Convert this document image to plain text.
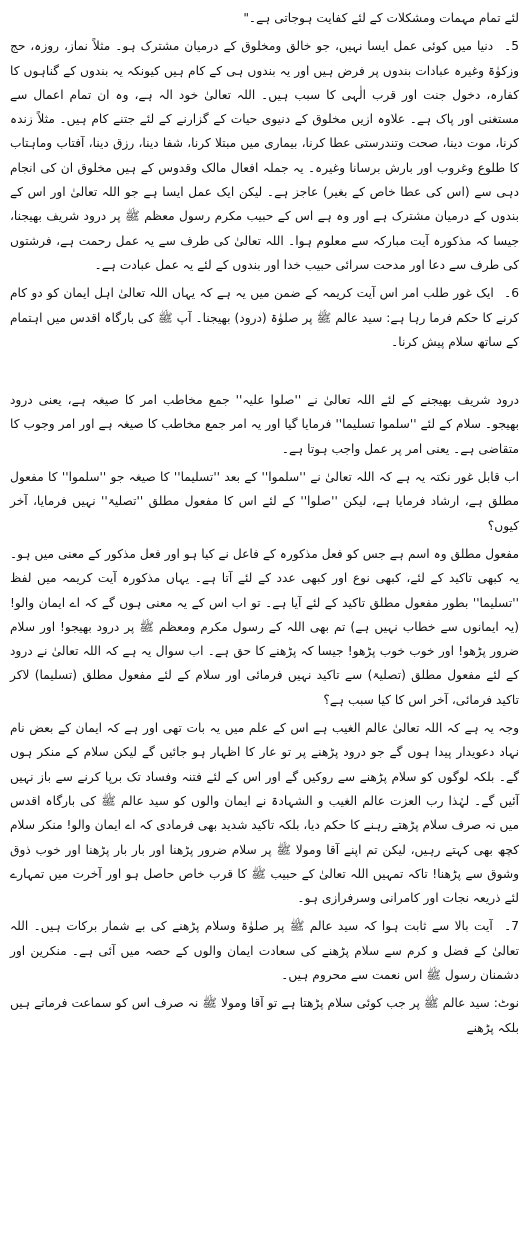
لئے تمام مہمات ومشکلات کے لئے کفایت ہوجاتی ہے۔"

5۔ دنیا میں کوئی عمل ایسا نہیں، جو خالق ومخلوق کے درمیان مشترک ہو۔ مثلاً نماز، روزہ، حج وزکوٰۃ وغیرہ عبادات بندوں پر فرض ہیں اور یہ بندوں ہی کے کام ہیں کیونکہ یہ بندوں کے گناہوں کا کفارہ، دخول جنت اور قرب الٰہی کا سبب ہیں۔ اللہ تعالیٰ خود الہ ہے، وہ ان تمام اعمال سے مستغنی اور پاک ہے۔ علاوہ ازیں مخلوق کے دنیوی حیات کے گزارنے کے لئے جتنے کام ہیں۔ مثلاً زندہ کرنا، موت دینا، صحت وتندرستی عطا کرنا، بیماری میں مبتلا کرنا، شفا دینا، رزق دینا، آفتاب وماہتاب کا طلوع وغروب اور بارش برسانا وغیرہ۔ یہ جملہ افعال مالک وقدوس کے ہیں مخلوق ان کی انجام دہی سے (اس کی عطا خاص کے بغیر) عاجز ہے۔ لیکن ایک عمل ایسا ہے جو اللہ تعالیٰ اور اس کے بندوں کے درمیان مشترک ہے اور وہ ہے اس کے حبیب مکرم رسول معظم ﷺ پر درود شریف بھیجنا، جیسا کہ مذکورہ آیت مبارکہ سے معلوم ہوا۔ اللہ تعالیٰ کی طرف سے یہ عمل رحمت ہے، فرشتوں کی طرف سے دعا اور مدحت سرائی حبیب خدا اور بندوں کے لئے یہ عمل عبادت ہے۔

6۔ ایک غور طلب امر اس آیت کریمہ کے ضمن میں یہ ہے کہ یہاں اللہ تعالیٰ اہل ایمان کو دو کام کرنے کا حکم فرما رہا ہے: سید عالم ﷺ پر صلوٰۃ (درود) بھیجنا۔ آپ ﷺ کی بارگاہ اقدس میں اہتمام کے ساتھ سلام پیش کرنا۔

درود شریف بھیجنے کے لئے اللہ تعالیٰ نے ''صلوا علیہ'' جمع مخاطب امر کا صیغہ ہے، یعنی درود بھیجو۔ سلام کے لئے ''سلموا تسلیما'' فرمایا گیا اور یہ امر جمع مخاطب کا صیغہ ہے اور امر وجوب کا متقاضی ہے۔ یعنی امر پر عمل واجب ہوتا ہے۔

اب قابل غور نکتہ یہ ہے کہ اللہ تعالیٰ نے ''سلموا'' کے بعد ''تسلیما'' کا صیغہ جو ''سلموا'' کا مفعول مطلق ہے، ارشاد فرمایا ہے، لیکن ''صلوا'' کے لئے اس کا مفعول مطلق ''تصلیۃ'' نہیں فرمایا، آخر کیوں؟

مفعول مطلق وہ اسم ہے جس کو فعل مذکورہ کے فاعل نے کیا ہو اور فعل مذکور کے معنی میں ہو۔ یہ کبھی تاکید کے لئے، کبھی نوع اور کبھی عدد کے لئے آتا ہے۔ یہاں مذکورہ آیت کریمہ میں لفظ ''تسلیما'' بطور مفعول مطلق تاکید کے لئے آیا ہے۔ تو اب اس کے یہ معنی ہوں گے کہ اے ایمان والو! (یہ ایمانوں سے خطاب نہیں ہے) تم بھی اللہ کے رسول مکرم ومعظم ﷺ پر درود بھیجو! اور سلام ضرور پڑھو! اور خوب خوب پڑھو! جیسا کہ پڑھنے کا حق ہے۔ اب سوال یہ ہے کہ اللہ تعالیٰ نے درود کے لئے مفعول مطلق (تصلیۃ) سے تاکید نہیں فرمائی اور سلام کے لئے مفعول مطلق (تسلیما) لاکر تاکید فرمائی، آخر اس کا کیا سبب ہے؟

وجہ یہ ہے کہ اللہ تعالیٰ عالم الغیب ہے اس کے علم میں یہ بات تھی اور ہے کہ ایمان کے بعض نام نہاد دعویدار پیدا ہوں گے جو درود پڑھنے پر تو عار کا اظہار ہو جائیں گے لیکن سلام کے منکر ہوں گے۔ بلکہ لوگوں کو سلام پڑھنے سے روکیں گے اور اس کے لئے فتنہ وفساد تک برپا کرنے سے باز نہیں آئیں گے۔ لہٰذا رب العزت عالم الغیب و الشہادۃ نے ایمان والوں کو سید عالم ﷺ کی بارگاہ اقدس میں نہ صرف سلام پڑھتے رہنے کا حکم دیا، بلکہ تاکید شدید بھی فرمادی کہ اے ایمان والو! منکر سلام کچھ بھی کہتے رہیں، لیکن تم اپنے آقا ومولا ﷺ پر سلام ضرور پڑھنا اور بار بار پڑھنا اور خوب ذوق وشوق سے پڑھنا! تاکہ تمہیں اللہ تعالیٰ کے حبیب ﷺ کا قرب خاص حاصل ہو اور آخرت میں تمہارے لئے ذریعہ نجات اور کامرانی وسرفرازی ہو۔

7۔ آیت بالا سے ثابت ہوا کہ سید عالم ﷺ پر صلوٰۃ وسلام پڑھنے کی بے شمار برکات ہیں۔ اللہ تعالیٰ کے فضل و کرم سے سلام پڑھنے کی سعادت ایمان والوں کے حصہ میں آئی ہے۔ منکرین اور دشمنان رسول ﷺ اس نعمت سے محروم ہیں۔

نوٹ: سید عالم ﷺ پر جب کوئی سلام پڑھتا ہے تو آقا ومولا ﷺ نہ صرف اس کو سماعت فرماتے ہیں بلکہ پڑھنے
